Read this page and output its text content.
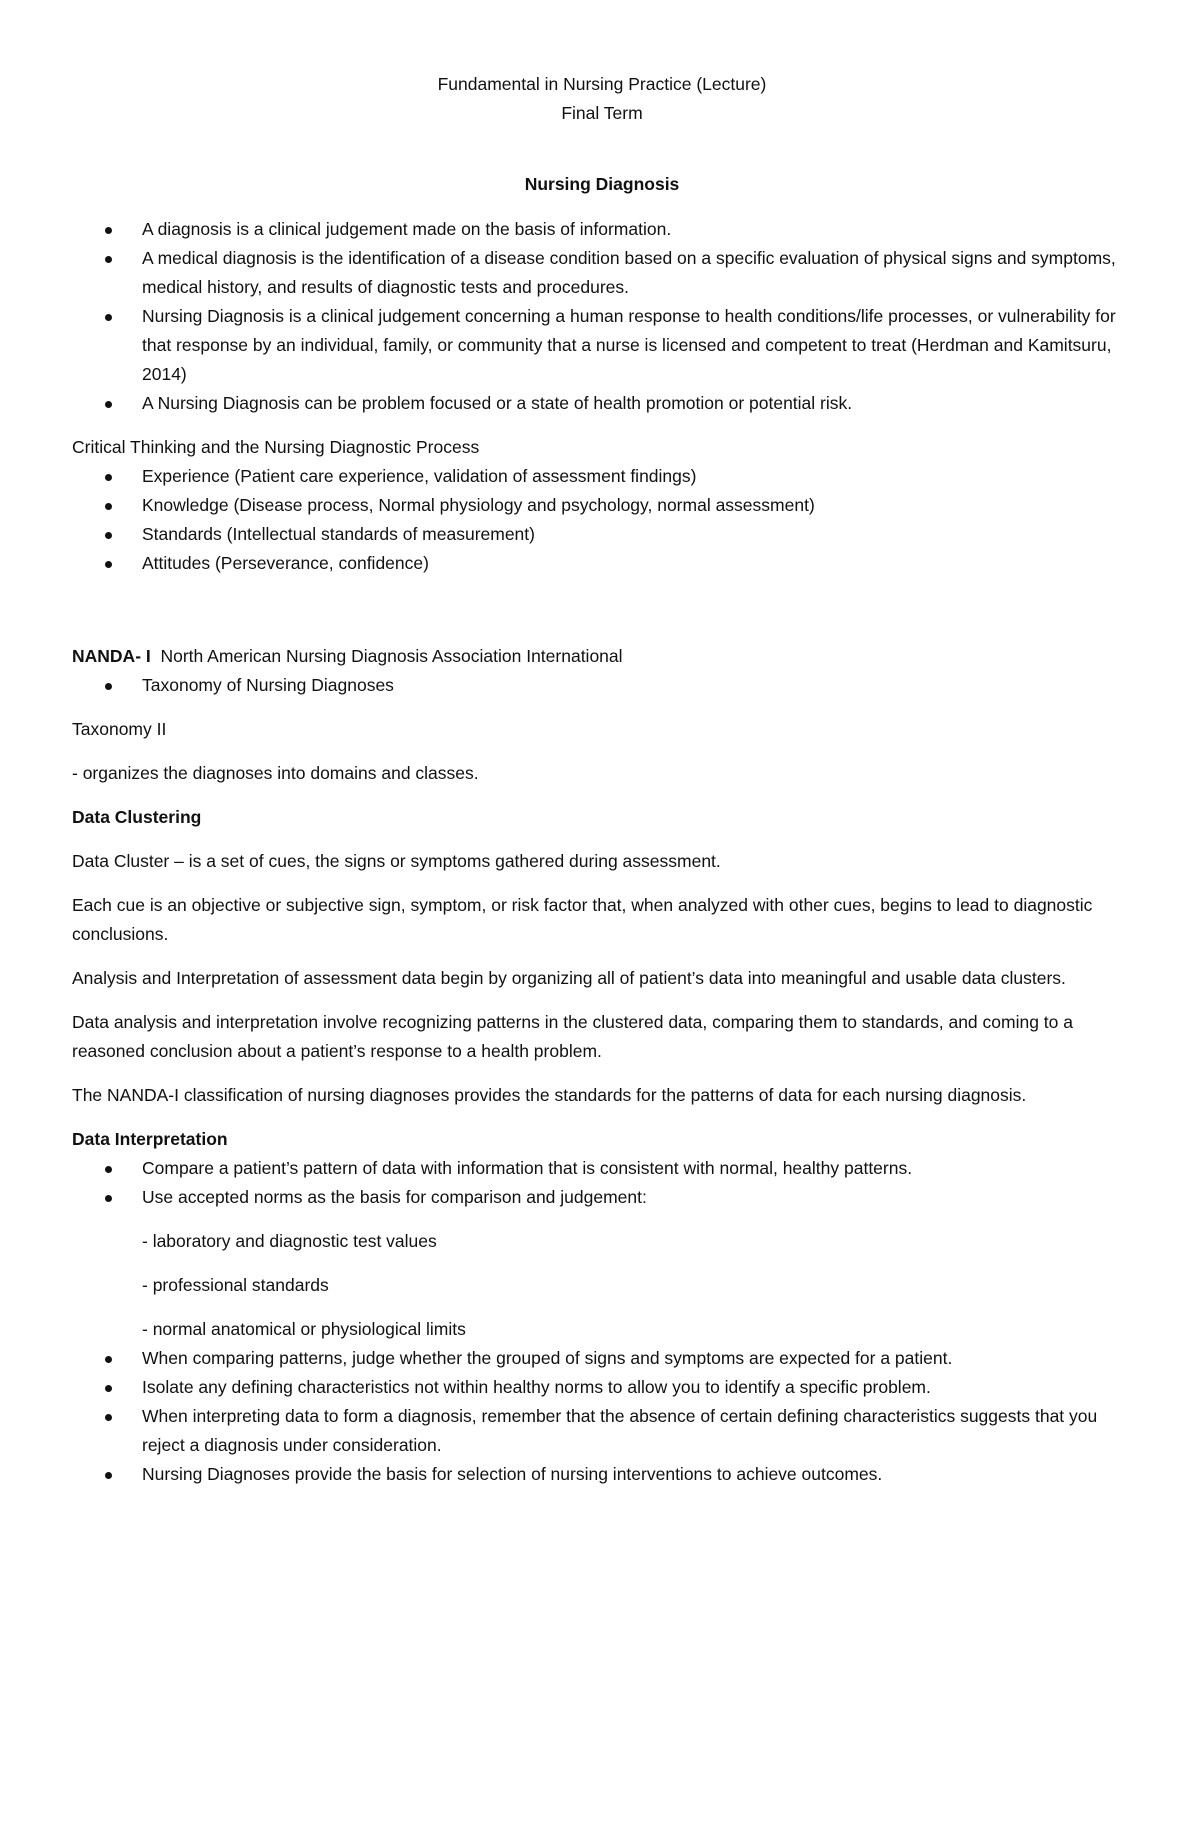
Fundamental in Nursing Practice (Lecture)

Final Term

Nursing Diagnosis

A diagnosis is a clinical judgement made on the basis of information.
A medical diagnosis is the identification of a disease condition based on a specific evaluation of physical signs and symptoms, medical history, and results of diagnostic tests and procedures.
Nursing Diagnosis is a clinical judgement concerning a human response to health conditions/life processes, or vulnerability for that response by an individual, family, or community that a nurse is licensed and competent to treat (Herdman and Kamitsuru, 2014)
A Nursing Diagnosis can be problem focused or a state of health promotion or potential risk.

Critical Thinking and the Nursing Diagnostic Process

Experience (Patient care experience, validation of assessment findings)
Knowledge (Disease process, Normal physiology and psychology, normal assessment)
Standards (Intellectual standards of measurement)
Attitudes (Perseverance, confidence)

NANDA- I North American Nursing Diagnosis Association International

Taxonomy of Nursing Diagnoses

Taxonomy II

- organizes the diagnoses into domains and classes.

Data Clustering

Data Cluster – is a set of cues, the signs or symptoms gathered during assessment.

Each cue is an objective or subjective sign, symptom, or risk factor that, when analyzed with other cues, begins to lead to diagnostic conclusions.

Analysis and Interpretation of assessment data begin by organizing all of patient’s data into meaningful and usable data clusters.

Data analysis and interpretation involve recognizing patterns in the clustered data, comparing them to standards, and coming to a reasoned conclusion about a patient’s response to a health problem.

The NANDA-I classification of nursing diagnoses provides the standards for the patterns of data for each nursing diagnosis.

Data Interpretation

Compare a patient’s pattern of data with information that is consistent with normal, healthy patterns.
Use accepted norms as the basis for comparison and judgement:

- laboratory and diagnostic test values

- professional standards

- normal anatomical or physiological limits

When comparing patterns, judge whether the grouped of signs and symptoms are expected for a patient.
Isolate any defining characteristics not within healthy norms to allow you to identify a specific problem.
When interpreting data to form a diagnosis, remember that the absence of certain defining characteristics suggests that you reject a diagnosis under consideration.
Nursing Diagnoses provide the basis for selection of nursing interventions to achieve outcomes.
